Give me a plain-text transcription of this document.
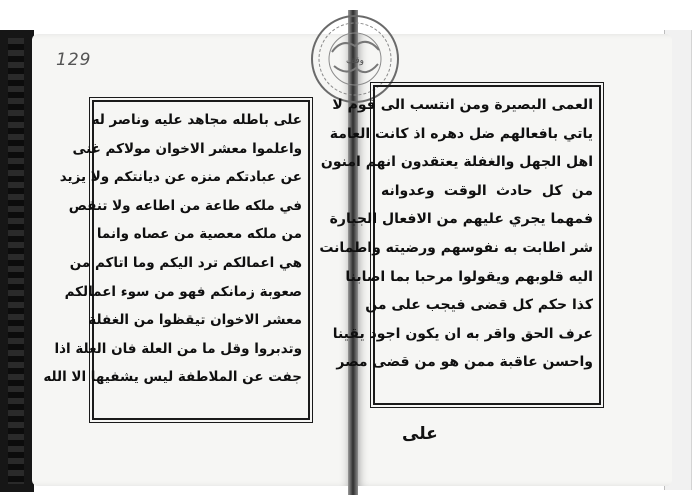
129	وقف
على باطله مجاهد عليه وناصر له
واعلموا معشر الاخوان مولاكم غنى
عن عبادتكم منزه عن ديانتكم ولا يزيد
في ملكه طاعة من اطاعه ولا تنقص
من ملكه معصية من عصاه وانما
هي اعمالكم ترد اليكم وما اتاكم من
صعوبة زمانكم فهو من سوء اعمالكم
معشر الاخوان تيقظوا من الغفلة
وتدبروا وقل ما من العلة فان العلة اذا
جفت عن الملاطفة ليس يشفيها الا الله
العمى البصيرة ومن انتسب الى قوم لا
ياتي بافعالهم ضل دهره اذ كانت العامة
اهل الجهل والغفلة يعتقدون انهم امنون
من كل حادث الوقت وعدوانه
فمهما يجري عليهم من الافعال الجبارة
شر اطابت به نفوسهم ورضيته واطمانت
اليه قلوبهم ويقولوا مرحبا بما اصابنا
كذا حكم كل قضى فيجب على من
عرف الحق واقر به ان يكون اجود يقينا
واحسن عاقبة ممن هو من قضى مصر
على
